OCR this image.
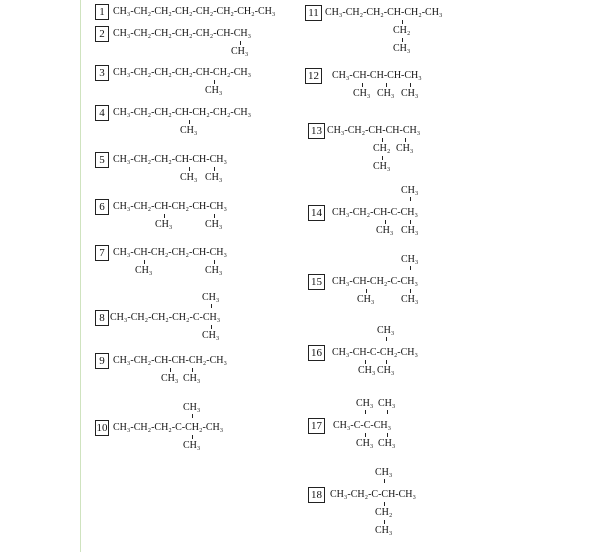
1 CH₃-CH₂-CH₂-CH₂-CH₂-CH₂-CH₂-CH₃
2 CH₃-CH₂-CH₂-CH₂-CH₂-CH-CH₃
CH₃
3 CH₃-CH₂-CH₂-CH₂-CH-CH₂-CH₃
CH₃
4 CH₃-CH₂-CH₂-CH-CH₂-CH₂-CH₃
CH₃
5 CH₃-CH₂-CH₂-CH-CH-CH₃
CH₃ CH₃
6 CH₃-CH₂-CH-CH₂-CH-CH₃
CH₃	CH₃
7 CH₃-CH-CH₂-CH₂-CH-CH₃
CH₃	CH₃
CH₃
8 CH₃-CH₂-CH₂-CH₂-C-CH₃
CH₃
9 CH₃-CH₂-CH-CH-CH₂-CH₃
CH₃ CH₃
CH₃
10 CH₃-CH₂-CH₂-C-CH₂-CH₃
CH₃
11 CH₃-CH₂-CH₂-CH-CH₂-CH₃
CH₂
CH₃
12	CH₃-CH-CH-CH-CH₃
CH₃ CH₃ CH₃
13 CH₃-CH₂-CH-CH-CH₃
CH₂ CH₃
CH₃
CH₃
14	CH₃-CH₂-CH-C-CH₃
CH₃ CH₃
CH₃
15	CH₃-CH-CH₂-C-CH₃
CH₃	CH₃
CH₃
16	CH₃-CH-C-CH₂-CH₃
CH₃ CH₃
CH₃ CH₃
17	CH₃-C-C-CH₃
CH₃ CH₃
CH₃
18 CH₃-CH₂-C-CH-CH₃
CH₂
CH₃
